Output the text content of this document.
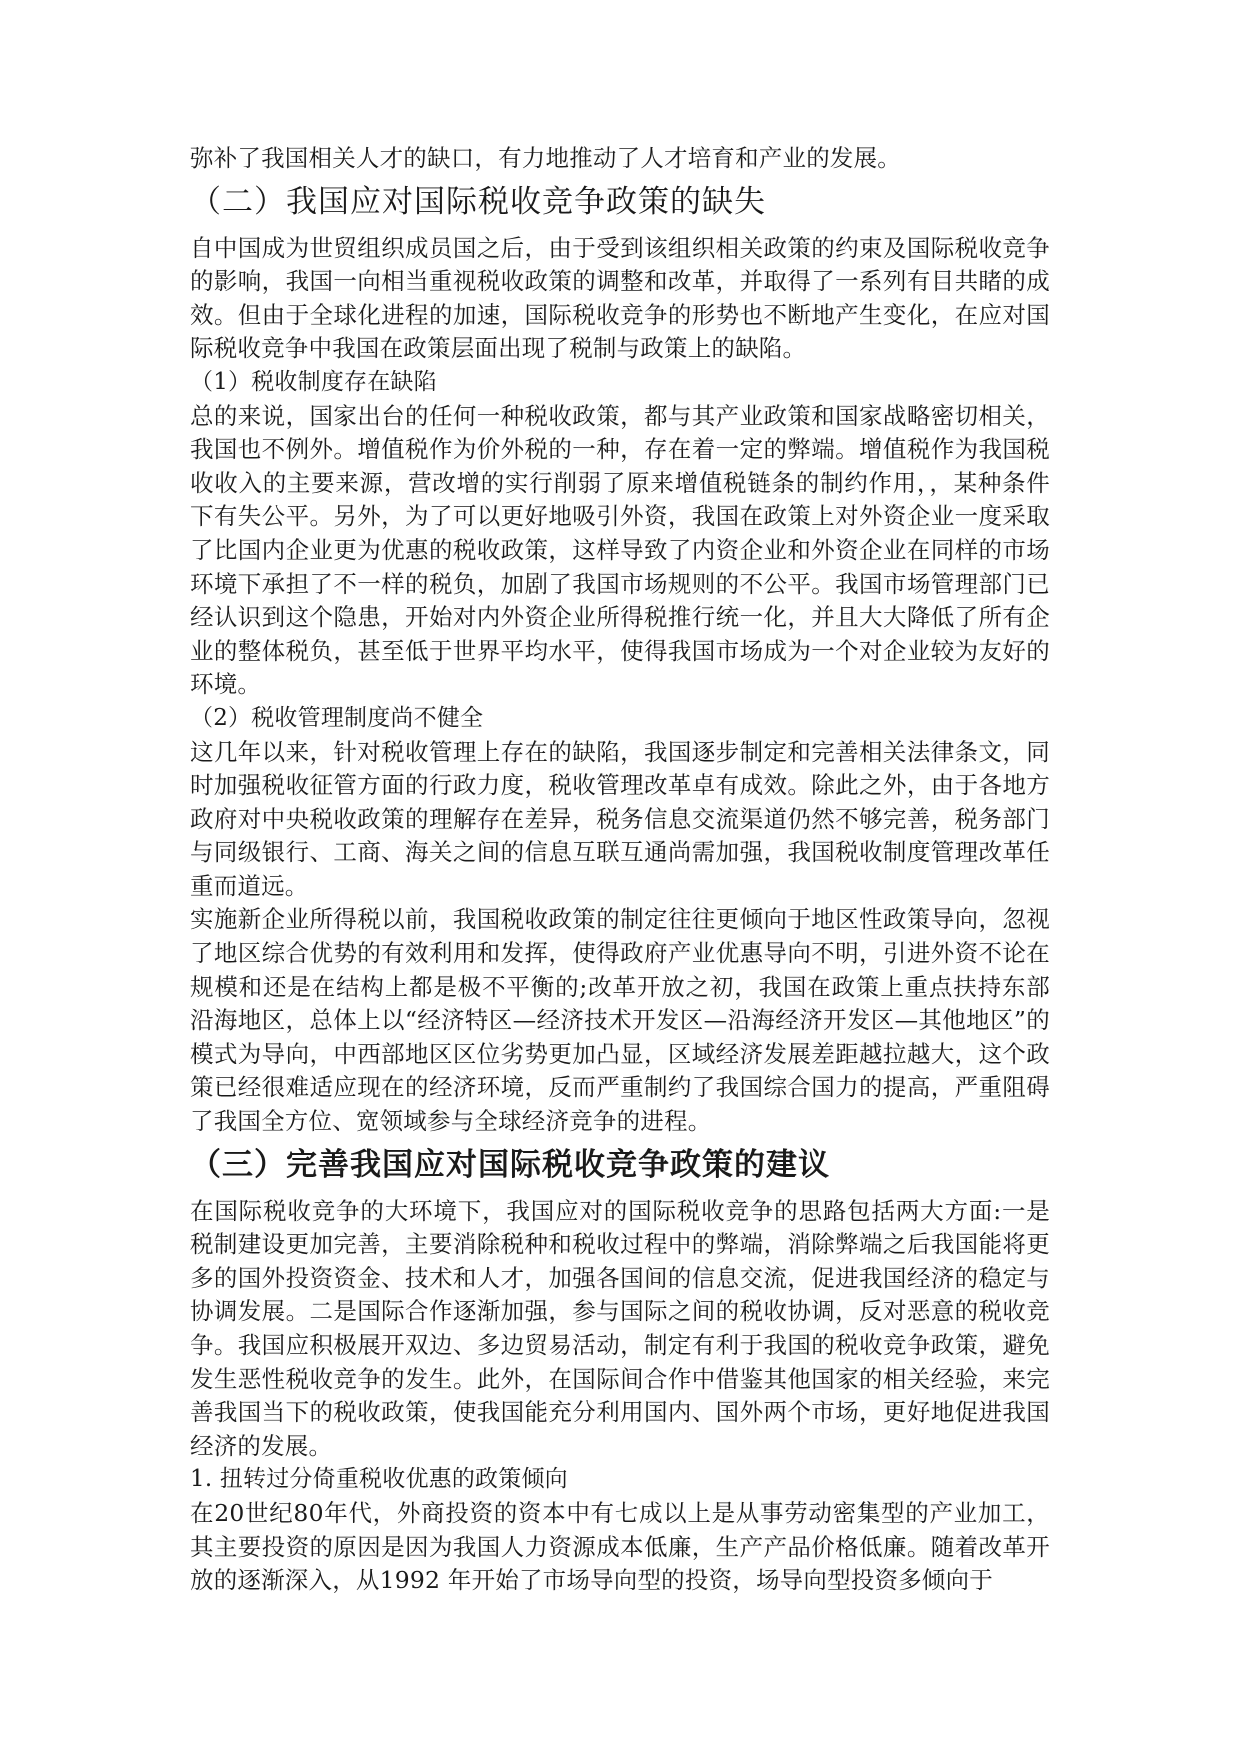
弥补了我国相关人才的缺口，有力地推动了人才培育和产业的发展。

（二）我国应对国际税收竞争政策的缺失

自中国成为世贸组织成员国之后，由于受到该组织相关政策的约束及国际税收竞争的影响，我国一向相当重视税收政策的调整和改革，并取得了一系列有目共睹的成效。但由于全球化进程的加速，国际税收竞争的形势也不断地产生变化，在应对国际税收竞争中我国在政策层面出现了税制与政策上的缺陷。

（1）税收制度存在缺陷

总的来说，国家出台的任何一种税收政策，都与其产业政策和国家战略密切相关，我国也不例外。增值税作为价外税的一种，存在着一定的弊端。增值税作为我国税收收入的主要来源，营改增的实行削弱了原来增值税链条的制约作用，，某种条件下有失公平。另外，为了可以更好地吸引外资，我国在政策上对外资企业一度采取了比国内企业更为优惠的税收政策，这样导致了内资企业和外资企业在同样的市场环境下承担了不一样的税负，加剧了我国市场规则的不公平。我国市场管理部门已经认识到这个隐患，开始对内外资企业所得税推行统一化，并且大大降低了所有企业的整体税负，甚至低于世界平均水平，使得我国市场成为一个对企业较为友好的环境。

（2）税收管理制度尚不健全

这几年以来，针对税收管理上存在的缺陷，我国逐步制定和完善相关法律条文，同时加强税收征管方面的行政力度，税收管理改革卓有成效。除此之外，由于各地方政府对中央税收政策的理解存在差异，税务信息交流渠道仍然不够完善，税务部门与同级银行、工商、海关之间的信息互联互通尚需加强，我国税收制度管理改革任重而道远。

实施新企业所得税以前，我国税收政策的制定往往更倾向于地区性政策导向，忽视了地区综合优势的有效利用和发挥，使得政府产业优惠导向不明，引进外资不论在规模和还是在结构上都是极不平衡的;改革开放之初，我国在政策上重点扶持东部沿海地区，总体上以“经济特区—经济技术开发区—沿海经济开发区—其他地区”的模式为导向，中西部地区区位劣势更加凸显，区域经济发展差距越拉越大，这个政策已经很难适应现在的经济环境，反而严重制约了我国综合国力的提高，严重阻碍了我国全方位、宽领域参与全球经济竞争的进程。

（三）完善我国应对国际税收竞争政策的建议

在国际税收竞争的大环境下，我国应对的国际税收竞争的思路包括两大方面:一是税制建设更加完善，主要消除税种和税收过程中的弊端，消除弊端之后我国能将更多的国外投资资金、技术和人才，加强各国间的信息交流，促进我国经济的稳定与协调发展。二是国际合作逐渐加强，参与国际之间的税收协调，反对恶意的税收竞争。我国应积极展开双边、多边贸易活动，制定有利于我国的税收竞争政策，避免发生恶性税收竞争的发生。此外，在国际间合作中借鉴其他国家的相关经验，来完善我国当下的税收政策，使我国能充分利用国内、国外两个市场，更好地促进我国经济的发展。

1. 扭转过分倚重税收优惠的政策倾向

在20世纪80年代，外商投资的资本中有七成以上是从事劳动密集型的产业加工，其主要投资的原因是因为我国人力资源成本低廉，生产产品价格低廉。随着改革开放的逐渐深入，从1992 年开始了市场导向型的投资，场导向型投资多倾向于
